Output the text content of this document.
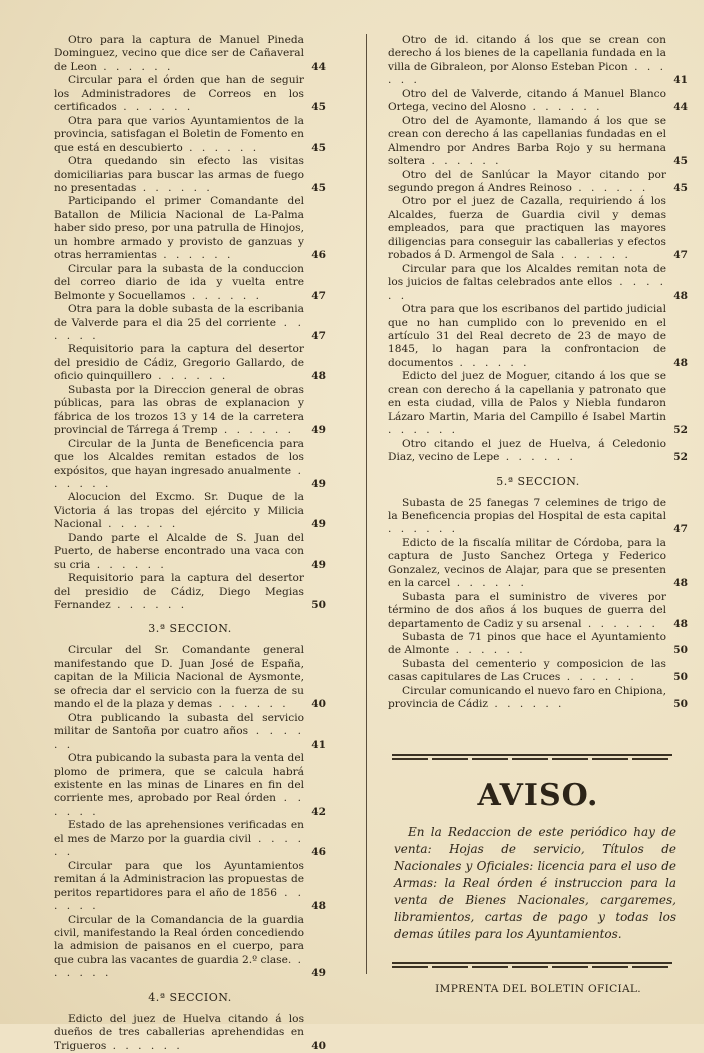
Otro para la captura de Manuel Pineda Dominguez, vecino que dice ser de Cañaveral de Leon . . . . . .	44
Circular para el órden que han de seguir los Administradores de Correos en los certificados . . . . . .	45
Otra para que varios Ayuntamientos de la provincia, satisfagan el Boletin de Fomento en que está en descubierto . . . . . .	45
Otra quedando sin efecto las visitas domiciliarias para buscar las armas de fuego no presentadas . . . . . .	45
Participando el primer Comandante del Batallon de Milicia Nacional de La-Palma haber sido preso, por una patrulla de Hinojos, un hombre armado y provisto de ganzuas y otras herramientas . . . . . .	46
Circular para la subasta de la conduccion del correo diario de ida y vuelta entre Belmonte y Socuellamos . . . . . .	47
Otra para la doble subasta de la escribania de Valverde para el dia 25 del corriente . . . . . .	47
Requisitorio para la captura del desertor del presidio de Cádiz, Gregorio Gallardo, de oficio quinquillero . . . . . .	48
Subasta por la Direccion general de obras públicas, para las obras de explanacion y fábrica de los trozos 13 y 14 de la carretera provincial de Tárrega á Tremp . . . . . . 49
Circular de la Junta de Beneficencia para que los Alcaldes remitan estados de los expósitos, que hayan ingresado anualmente . . . . . .	49
Alocucion del Excmo. Sr. Duque de la Victoria á las tropas del ejército y Milicia Nacional . . . . . .	49
Dando parte el Alcalde de S. Juan del Puerto, de haberse encontrado una vaca con su cria . . . . . .	49
Requisitorio para la captura del desertor del presidio de Cádiz, Diego Megias Fernandez . . . . . .	50
3.ª SECCION.
Circular del Sr. Comandante general manifestando que D. Juan José de España, capitan de la Milicia Nacional de Aysmonte, se ofrecia dar el servicio con la fuerza de su mando el de la plaza y demas . . . . . . 40
Otra publicando la subasta del servicio militar de Santoña por cuatro años . . . . . .	41
Otra pubicando la subasta para la venta del plomo de primera, que se calcula habrá existente en las minas de Linares en fin del corriente mes, aprobado por Real órden . . . . . .	42
Estado de las aprehensiones verificadas en el mes de Marzo por la guardia civil . . . . . .	46
Circular para que los Ayuntamientos remitan á la Administracion las propuestas de peritos repartidores para el año de 1856 . . . . . .	48
Circular de la Comandancia de la guardia civil, manifestando la Real órden concediendo la admision de paisanos en el cuerpo, para que cubra las vacantes de guardia 2.º clase. . . . . . .	49
4.ª SECCION.
Edicto del juez de Huelva citando á los dueños de tres caballerias aprehendidas en Trigueros . . . . . .	40
Otro de id. citando á los que se crean con derecho á los bienes de la capellania fundada en la villa de Gibraleon, por Alonso Esteban Picon . . . . . .	41
Otro del de Valverde, citando á Manuel Blanco Ortega, vecino del Alosno . . . . . .	44
Otro del de Ayamonte, llamando á los que se crean con derecho á las capellanias fundadas en el Almendro por Andres Barba Rojo y su hermana soltera . . . . . .	45
Otro del de Sanlúcar la Mayor citando por segundo pregon á Andres Reinoso . . . . . . 45
Otro por el juez de Cazalla, requiriendo á los Alcaldes, fuerza de Guardia civil y demas empleados, para que practiquen las mayores diligencias para conseguir las caballerias y efectos robados á D. Armengol de Sala . . . . . .	47
Circular para que los Alcaldes remitan nota de los juicios de faltas celebrados ante ellos . . . . . .	48
Otra para que los escribanos del partido judicial que no han cumplido con lo prevenido en el artículo 31 del Real decreto de 23 de mayo de 1845, lo hagan para la confrontacion de documentos . . . . . .	48
Edicto del juez de Moguer, citando á los que se crean con derecho á la capellania y patronato que en esta ciudad, villa de Palos y Niebla fundaron Lázaro Martin, Maria del Campillo é Isabel Martin . . . . . .	52
Otro citando el juez de Huelva, á Celedonio Diaz, vecino de Lepe . . . . . .	52
5.ª SECCION.
Subasta de 25 fanegas 7 celemines de trigo de la Beneficencia propias del Hospital de esta capital . . . . . .	47
Edicto de la fiscalía militar de Córdoba, para la captura de Justo Sanchez Ortega y Federico Gonzalez, vecinos de Alajar, para que se presenten en la carcel . . . . . .	48
Subasta para el suministro de viveres por término de dos años á los buques de guerra del departamento de Cadiz y su arsenal . . . . . . 48
Subasta de 71 pinos que hace el Ayuntamiento de Almonte . . . . . .	50
Subasta del cementerio y composicion de las casas capitulares de Las Cruces . . . . . .	50
Circular comunicando el nuevo faro en Chipiona, provincia de Cádiz . . . . . .	50
AVISO.
En la Redaccion de este periódico hay de venta: Hojas de servicio, Títulos de Nacionales y Oficiales: licencia para el uso de Armas: la Real órden é instruccion para la venta de Bienes Nacionales, cargaremes, libramientos, cartas de pago y todas los demas útiles para los Ayuntamientos.
IMPRENTA DEL BOLETIN OFICIAL.
